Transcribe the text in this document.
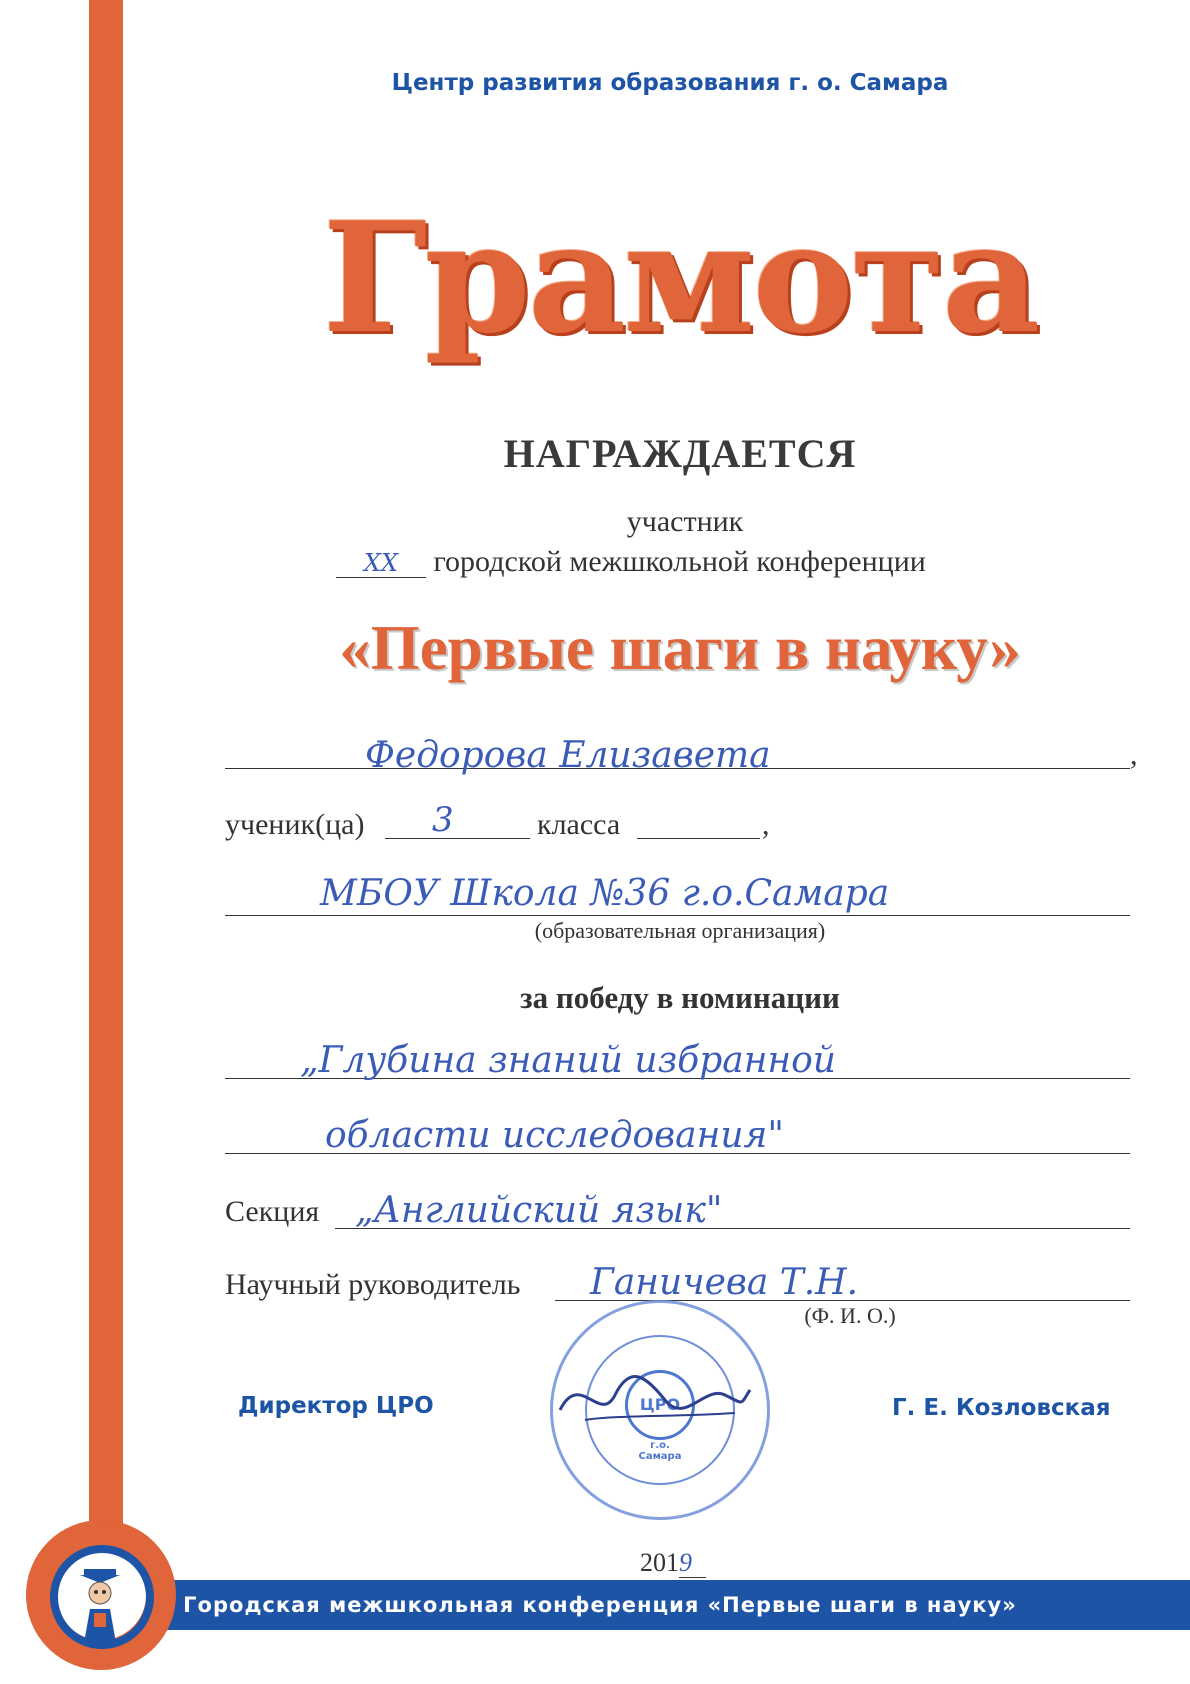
Городская межшкольная конференция «Первые шаги в науку»
Центр развития образования г. о. Самара
Грамота
НАГРАЖДАЕТСЯ
участник
XX городской межшкольной конференции
«Первые шаги в науку»
Федорова Елизавета	,
ученик(ца) 3	класса	,
МБОУ Школа №36 г.о.Самара
(образовательная организация)
за победу в номинации
„Глубина знаний избранной
области исследования"
Секция „Английский язык"
Научный руководитель Ганичева Т.Н.
(Ф. И. О.)
ЦРО
г.о. Самара
Директор ЦРО	Г. Е. Козловская
2019
